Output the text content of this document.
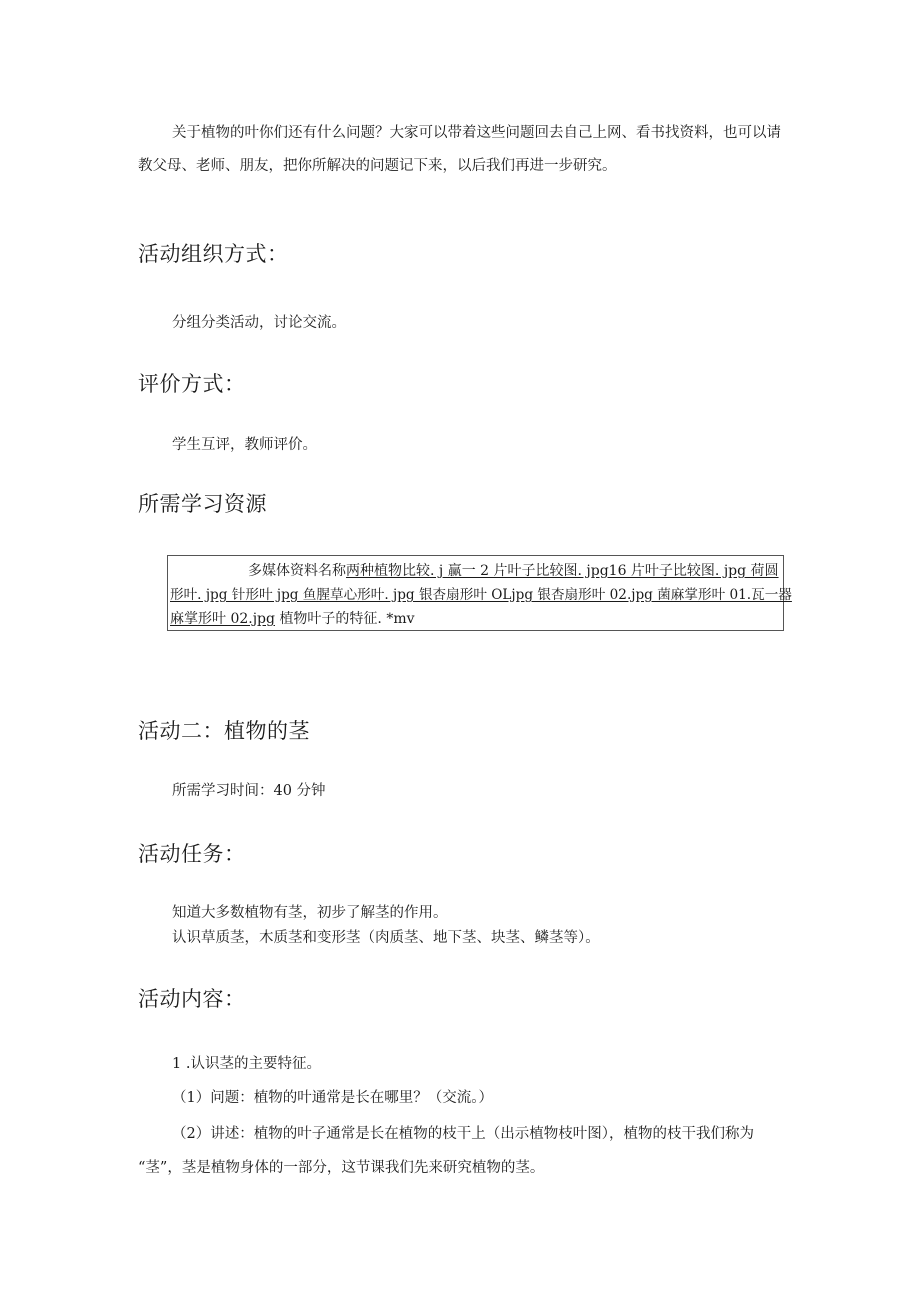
关于植物的叶你们还有什么问题？大家可以带着这些问题回去自己上网、看书找资料，也可以请

教父母、老师、朋友，把你所解决的问题记下来，以后我们再进一步研究。

活动组织方式：

分组分类活动，讨论交流。

评价方式：

学生互评，教师评价。

所需学习资源
多媒体资料名称两种植物比较. j 赢一 2 片叶子比较图. jpg16 片叶子比较图. jpg 荷圆
形叶. jpg 针形叶 jpg 鱼腥草心形叶. jpg 银杏扇形叶 OLjpg 银杏扇形叶 02.jpg 菌麻掌形叶 01.瓦一器
麻掌形叶 02.jpg 植物叶子的特征. *mv
活动二：植物的茎

所需学习时间：40 分钟

活动任务：

知道大多数植物有茎，初步了解茎的作用。

认识草质茎，木质茎和变形茎（肉质茎、地下茎、块茎、鳞茎等）。

活动内容：

1 .认识茎的主要特征。

（1）问题：植物的叶通常是长在哪里？（交流。）

（2）讲述：植物的叶子通常是长在植物的枝干上（出示植物枝叶图），植物的枝干我们称为

“茎”，茎是植物身体的一部分，这节课我们先来研究植物的茎。
